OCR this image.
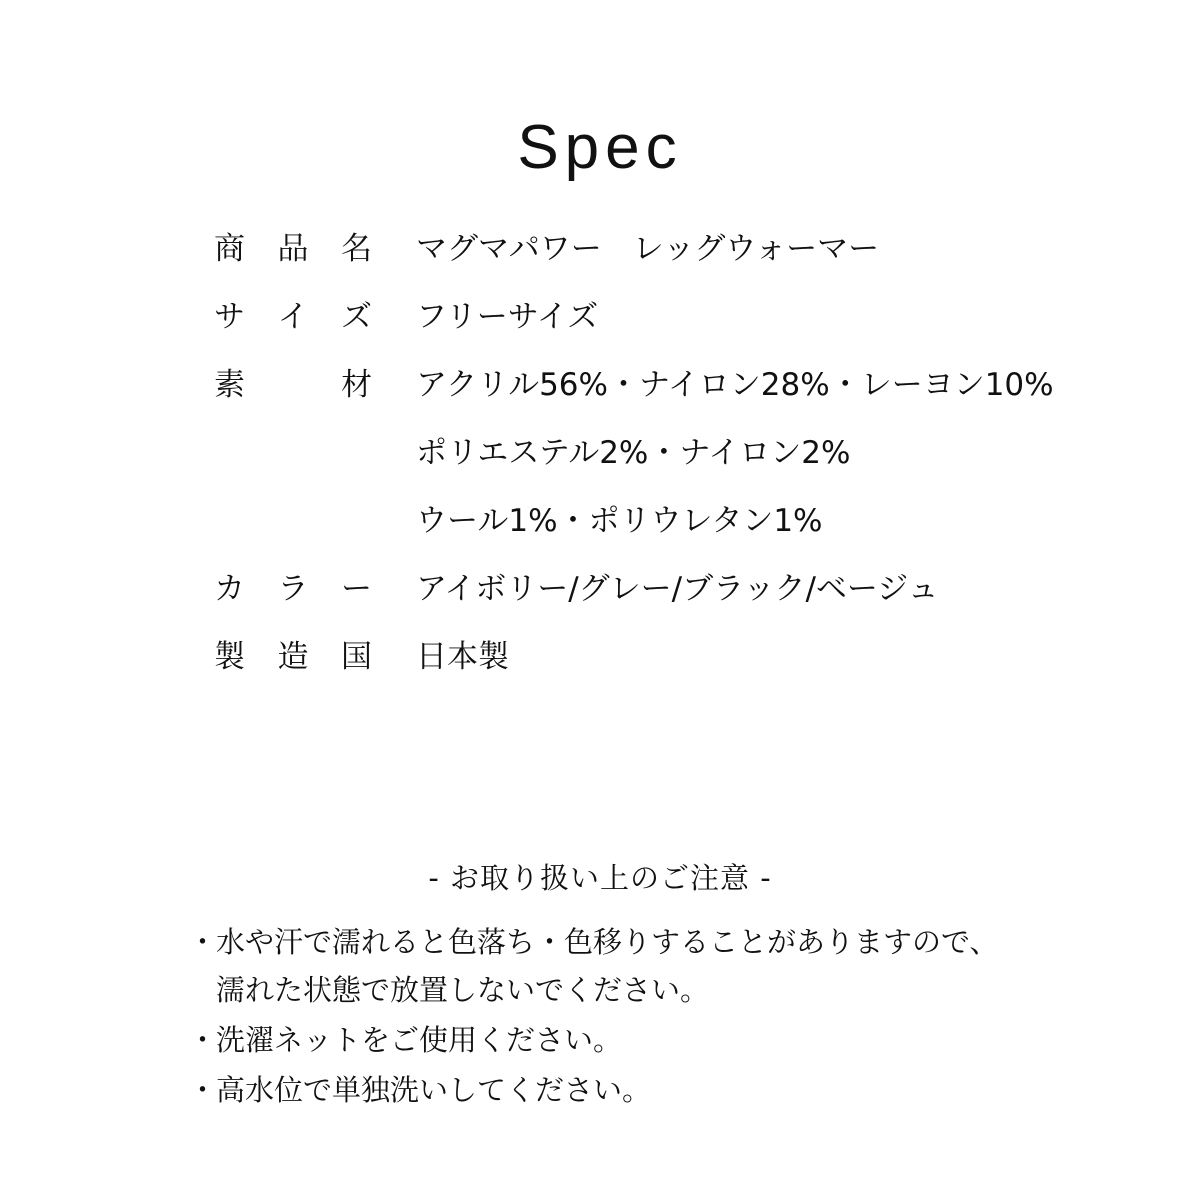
Spec
商 品 名 マグマパワー　レッグウォーマー
サ イ ズ フリーサイズ
素	材 アクリル56%・ナイロン28%・レーヨン10%
ポリエステル2%・ナイロン2%
ウール1%・ポリウレタン1%
カ ラ ー アイボリー/グレー/ブラック/ベージュ
製 造 国 日本製
- お取り扱い上のご注意 -
・
水や汗で濡れると色落ち・色移りすることがありますので、
濡れた状態で放置しないでください。
・
洗濯ネットをご使用ください。
・
高水位で単独洗いしてください。
